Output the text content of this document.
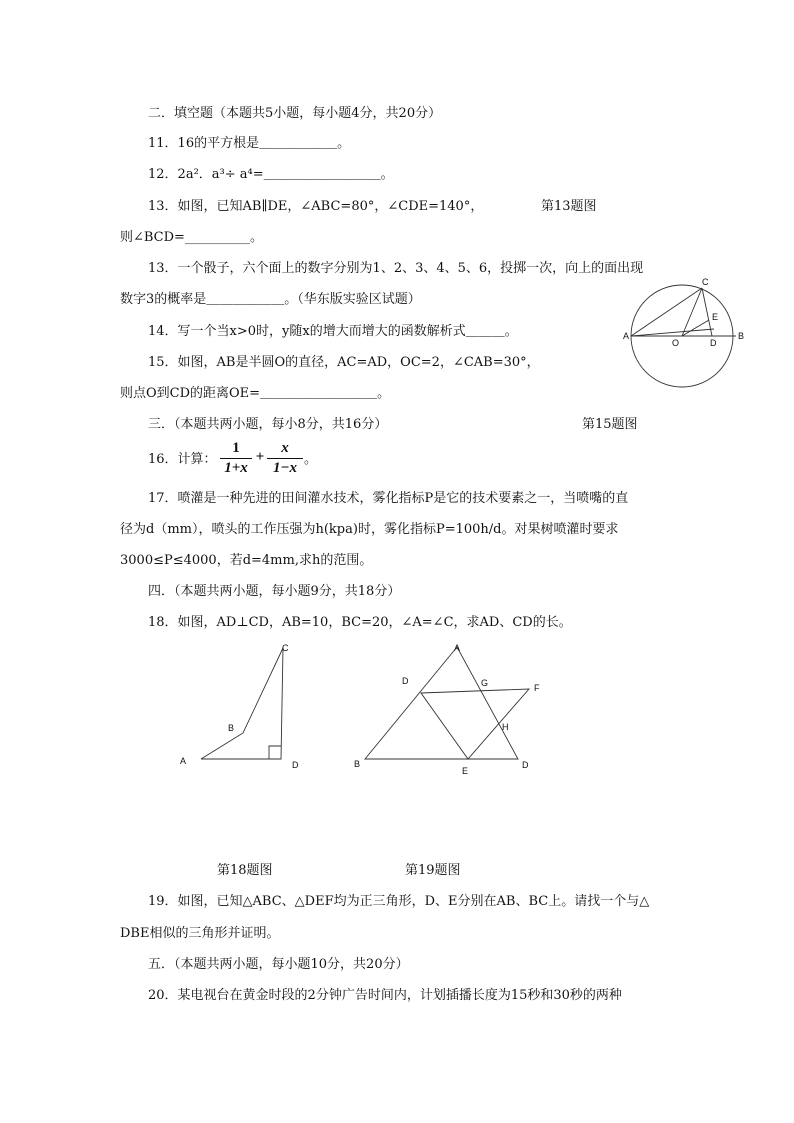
二．填空题（本题共5小题，每小题4分，共20分）
11．16的平方根是＿＿＿＿＿＿。
12．2a²．a³÷ a⁴=＿＿＿＿＿＿＿＿＿。
13．如图，已知AB∥DE，∠ABC=80°，∠CDE=140°，	第13题图
则∠BCD=__________。
13．一个骰子，六个面上的数字分别为1、2、3、4、5、6，投掷一次，向上的面出现
数字3的概率是＿＿＿＿＿＿。（华东版实验区试题）
14．写一个当x>0时，y随x的增大而增大的函数解析式＿＿＿。
15．如图，AB是半圆O的直径，AC=AD，OC=2，∠CAB=30°，
则点O到CD的距离OE=＿＿＿＿＿＿＿＿＿。
A	B
C
D
E
O
三．（本题共两小题，每小8分，共16分）	第15题图
16．计算：
1
1+x
+
x
1−x
。
17．喷灌是一种先进的田间灌水技术，雾化指标P是它的技术要素之一，当喷嘴的直
径为d（mm），喷头的工作压强为h(kpa)时，雾化指标P=100h/d。对果树喷灌时要求
3000≤P≤4000，若d=4mm,求h的范围。
四．（本题共两小题，每小题9分，共18分）
18．如图，AD⊥CD，AB=10，BC=20，∠A=∠C，求AD、CD的长。
A
B
C
D	B
A
D
D
E
F
G
H
第18题图	第19题图
19．如图，已知△ABC、△DEF均为正三角形，D、E分别在AB、BC上。请找一个与△
DBE相似的三角形并证明。
五．（本题共两小题，每小题10分，共20分）
20．某电视台在黄金时段的2分钟广告时间内，计划插播长度为15秒和30秒的两种
